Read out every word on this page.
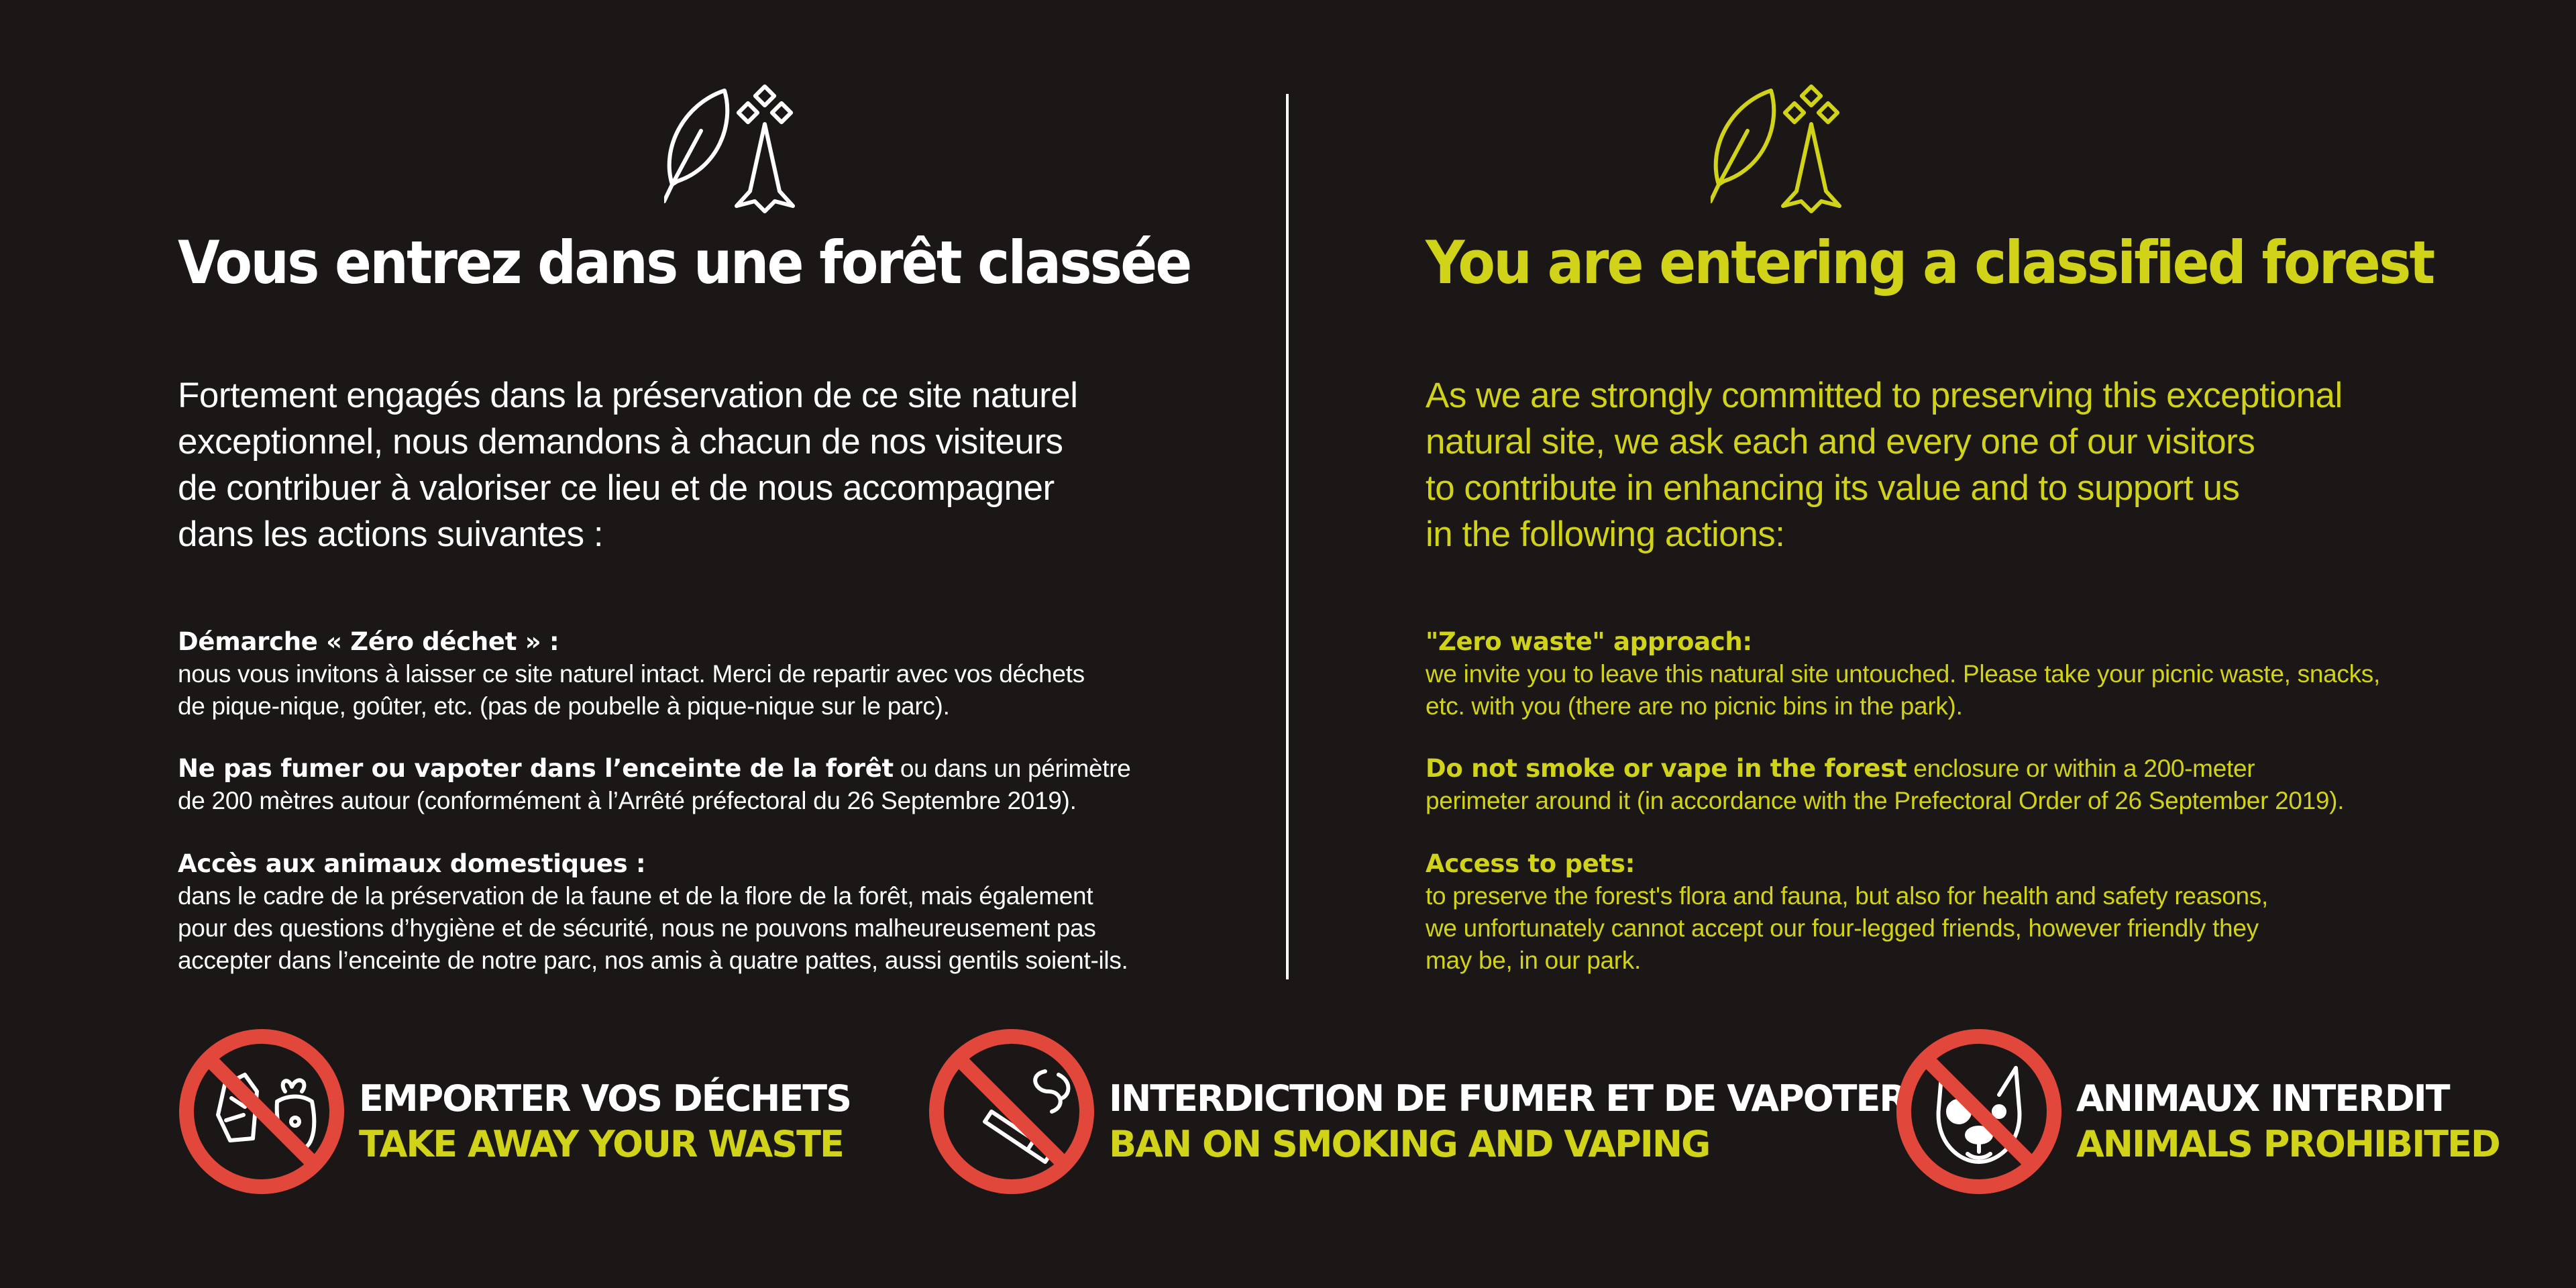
Vous entrez dans une forêt classée
Fortement engagés dans la préservation de ce site naturel
exceptionnel, nous demandons à chacun de nos visiteurs
de contribuer à valoriser ce lieu et de nous accompagner
dans les actions suivantes :
Démarche « Zéro déchet » :
nous vous invitons à laisser ce site naturel intact. Merci de repartir avec vos déchets
de pique-nique, goûter, etc. (pas de poubelle à pique-nique sur le parc).
Ne pas fumer ou vapoter dans l’enceinte de la forêt ou dans un périmètre
de 200 mètres autour (conformément à l’Arrêté préfectoral du 26 Septembre 2019).
Accès aux animaux domestiques :
dans le cadre de la préservation de la faune et de la flore de la forêt, mais également
pour des questions d’hygiène et de sécurité, nous ne pouvons malheureusement pas
accepter dans l’enceinte de notre parc, nos amis à quatre pattes, aussi gentils soient-ils.
You are entering a classified forest
As we are strongly committed to preserving this exceptional
natural site, we ask each and every one of our visitors
to contribute in enhancing its value and to support us
in the following actions:
"Zero waste" approach:
we invite you to leave this natural site untouched. Please take your picnic waste, snacks,
etc. with you (there are no picnic bins in the park).
Do not smoke or vape in the forest enclosure or within a 200-meter
perimeter around it (in accordance with the Prefectoral Order of 26 September 2019).
Access to pets:
to preserve the forest's flora and fauna, but also for health and safety reasons,
we unfortunately cannot accept our four-legged friends, however friendly they
may be, in our park.
EMPORTER VOS DÉCHETS
TAKE AWAY YOUR WASTE
INTERDICTION DE FUMER ET DE VAPOTER
BAN ON SMOKING AND VAPING
ANIMAUX INTERDIT
ANIMALS PROHIBITED
